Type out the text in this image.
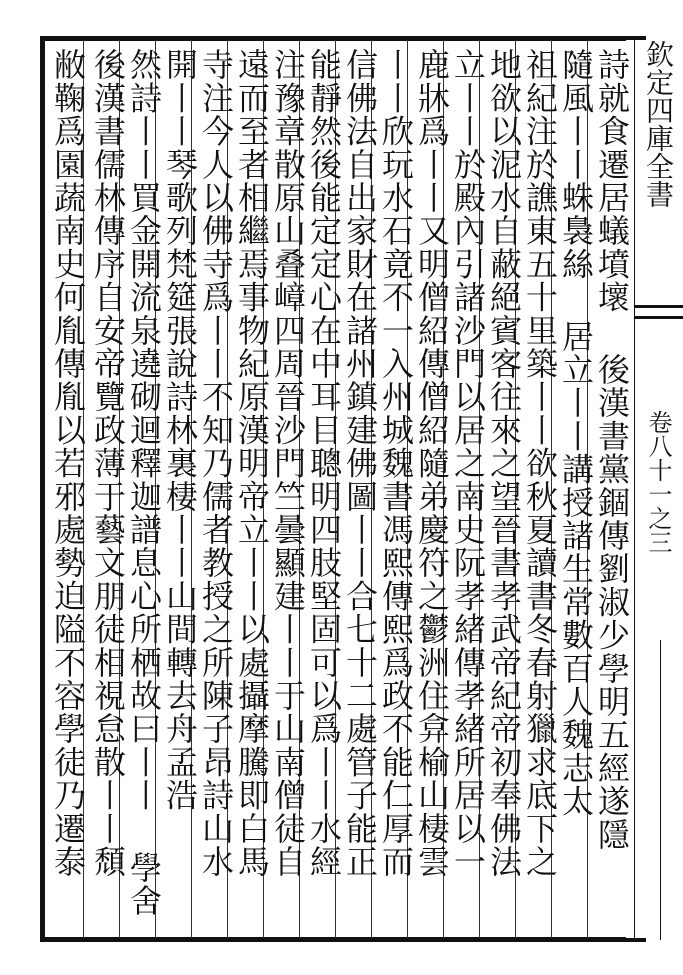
欽定四庫全書
卷八十一之三
詩就食遷居蟻墳壞 後漢書黨錮傳劉淑少學明五經遂隱
隨風丨丨蛛裊絲 居立丨丨講授諸生常數百人魏志太
祖紀注於譙東五十里築丨丨欲秋夏讀書冬春射獵求底下之
地欲以泥水自蔽絕賓客往來之望晉書孝武帝紀帝初奉佛法
立丨丨於殿內引諸沙門以居之南史阮孝緒傳孝緒所居以一
鹿牀爲丨丨又明僧紹傳僧紹隨弟慶符之鬱洲住弇榆山棲雲
丨丨欣玩水石竟不一入州城魏書馮熙傳熙爲政不能仁厚而
信佛法自出家財在諸州鎮建佛圖丨丨合七十二處管子能正
能靜然後能定定心在中耳目聰明四肢堅固可以爲丨丨水經
注豫章散原山叠嶂四周晉沙門竺曇顯建丨丨于山南僧徒自
遠而至者相繼焉事物紀原漢明帝立丨丨以處攝摩騰即白馬
寺注今人以佛寺爲丨丨不知乃儒者教授之所陳子昂詩山水
開丨丨琴歌列梵筵張說詩林裏棲丨丨山間轉去舟孟浩
然詩丨丨買金開流泉遶砌迴釋迦譜息心所栖故曰丨丨 學舍
後漢書儒林傳序自安帝覽政薄于藝文朋徒相視怠散丨丨頹
敝鞠爲園蔬南史何胤傳胤以若邪處勢迫隘不容學徒乃遷泰
